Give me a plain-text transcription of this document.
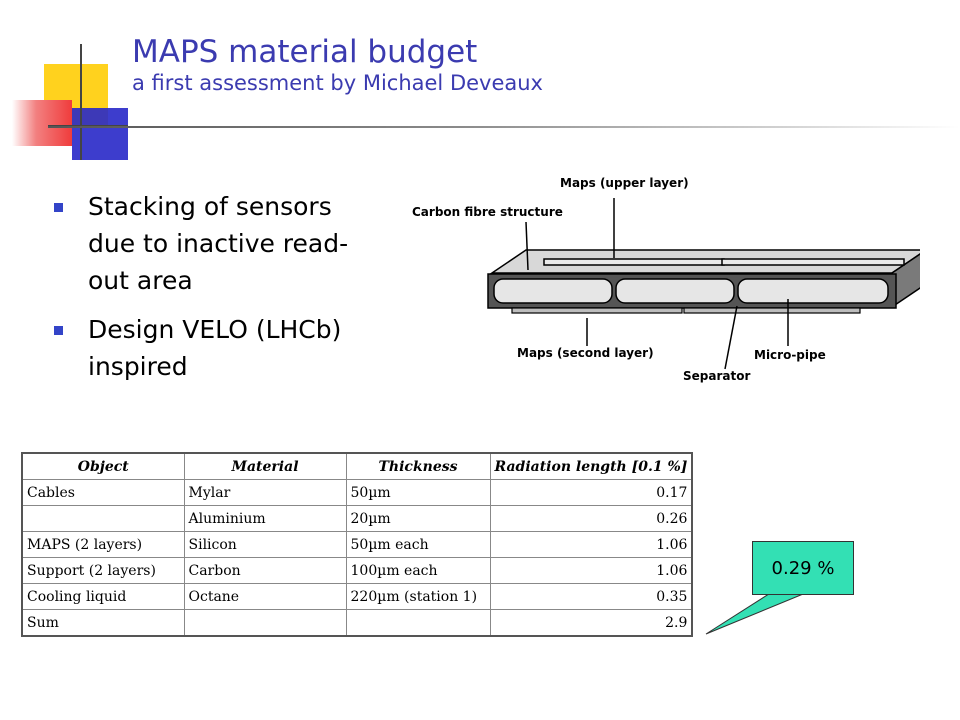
MAPS material budget
a first assessment by Michael Deveaux
Stacking of sensors due to inactive read-out area
Design VELO (LHCb) inspired
Maps (upper layer)
Carbon fibre structure
Maps (second layer)	Micro-pipe
Separator
Object	Material	Thickness	Radiation length [0.1 %]
Cables	Mylar	50µm	0.17
	Aluminium	20µm	0.26
MAPS (2 layers)	Silicon	50µm each	1.06
Support (2 layers)	Carbon	100µm each	1.06
Cooling liquid	Octane	220µm (station 1)	0.35
Sum			2.9
0.29 %
